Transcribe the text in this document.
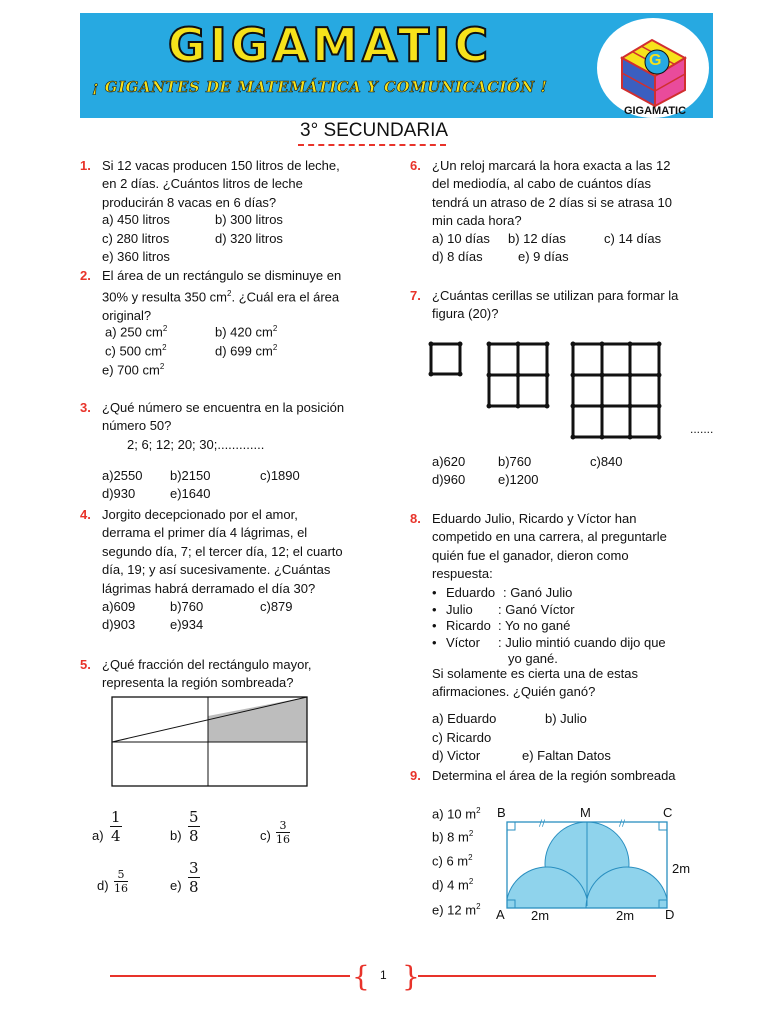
GIGAMATIC
¡ GIGANTES DE MATEMÁTICA Y COMUNICACIÓN !
G
GIGAMATIC
3° SECUNDARIA
1. Si 12 vacas producen 150 litros de leche,
en 2 días. ¿Cuántos litros de leche
producirán 8 vacas en 6 días?
a) 450 litros	b) 300 litros
c) 280 litros	d) 320 litros
e) 360 litros
2. El área de un rectángulo se disminuye en
30% y resulta 350 $cm^2$. ¿Cuál era el área
original?
a) 250 $cm^2$	b) 420 $cm^2$
c) 500 $cm^2$	d) 699 $cm^2$
e) 700 $cm^2$
3. ¿Qué número se encuentra en la posición
número 50?
2; 6; 12; 20; 30;.............
a)2550 b)2150	c)1890
d)930	e)1640
4. Jorgito decepcionado por el amor,
derrama el primer día 4 lágrimas, el
segundo día, 7; el tercer día, 12; el cuarto
día, 19; y así sucesivamente. ¿Cuántas
lágrimas habrá derramado el día 30?
a)609	b)760	c)879
d)903	e)934
5. ¿Qué fracción del rectángulo mayor,
representa la región sombreada?
$a) \frac{1}{4}$	$b) \frac{5}{8}$	$c) \frac{3}{16}$
$d) \frac{5}{16}$	$e) \frac{3}{8}$
6. ¿Un reloj marcará la hora exacta a las 12
del mediodía, al cabo de cuántos días
tendrá un atraso de 2 días si se atrasa 10
min cada hora?
a) 10 días b) 12 días	c) 14 días
d) 8 días	e) 9 días
7. ¿Cuántas cerillas se utilizan para formar la
figura (20)?
.......
a)620	b)760	c)840
d)960	e)1200
8. Eduardo Julio, Ricardo y Víctor han
competido en una carrera, al preguntarle
quién fue el ganador, dieron como
respuesta:
• Eduardo : Ganó Julio
• Julio : Ganó Víctor
• Ricardo : Yo no gané
• Víctor : Julio mintió cuando dijo que
yo gané.
Si solamente es cierta una de estas
afirmaciones. ¿Quién ganó?
a) Eduardo	b) Julio
c) Ricardo
d) Victor	e) Faltan Datos
9. Determina el área de la región sombreada
a) 10 $m^2$
b) 8 $m^2$
c) 6 $m^2$
d) 4 $m^2$
e) 12 $m^2$
//	//
B	M	C
A	D
2m
2m	2m
{ }
1
